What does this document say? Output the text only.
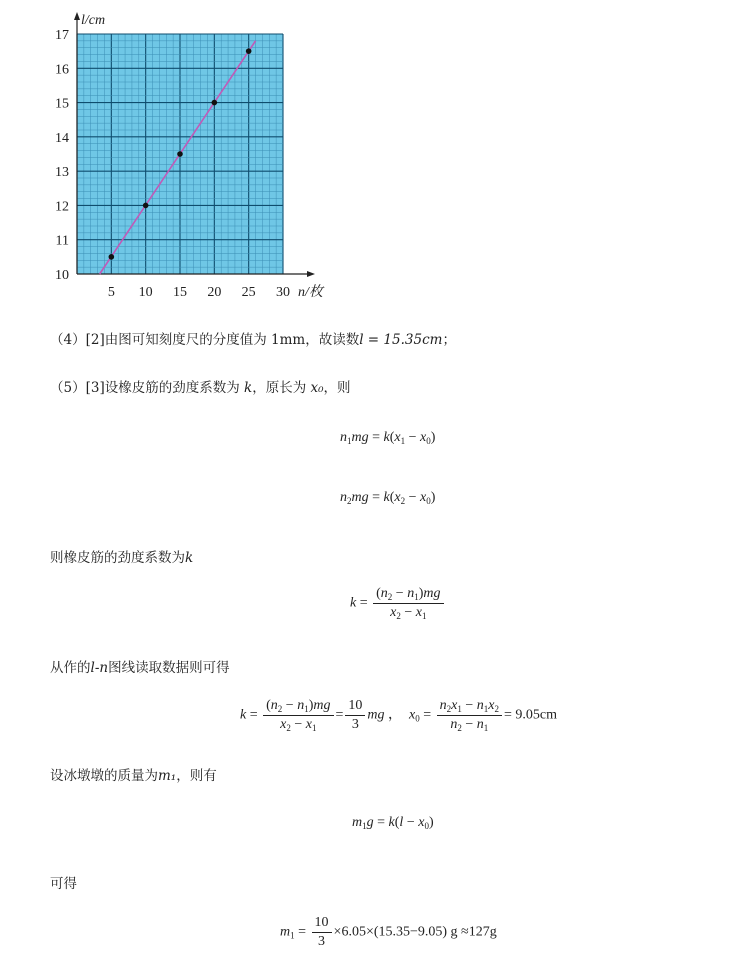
5 10 15 20 25 30
10
11
12
13
14
15
16
17
n/枚
l/cm
（4）[2]由图可知刻度尺的分度值为 1mm，故读数l = 15.35cm；
（5）[3]设橡皮筋的劲度系数为 k，原长为 x₀，则
$n_1mg = k(x_1 - x_0)$
$n_2mg = k(x_2 - x_0)$
则橡皮筋的劲度系数为k
$k = \frac{(n_2 - n_1)mg}{x_2 - x_1}$
从作的l-n图线读取数据则可得
$k = \frac{(n_2 - n_1)mg}{x_2 - x_1} = \frac{10}{3}$ mg ，  $x_0 = \frac{n_2x_1 - n_1x_2}{n_2 - n_1} = 9.05cm$
设冰墩墩的质量为m₁，则有
$m_1g = k(l - x_0)$
可得
$m_1 = \frac{10}{3} \times 6.05\times(15.35-9.05)$ g ≈127g
